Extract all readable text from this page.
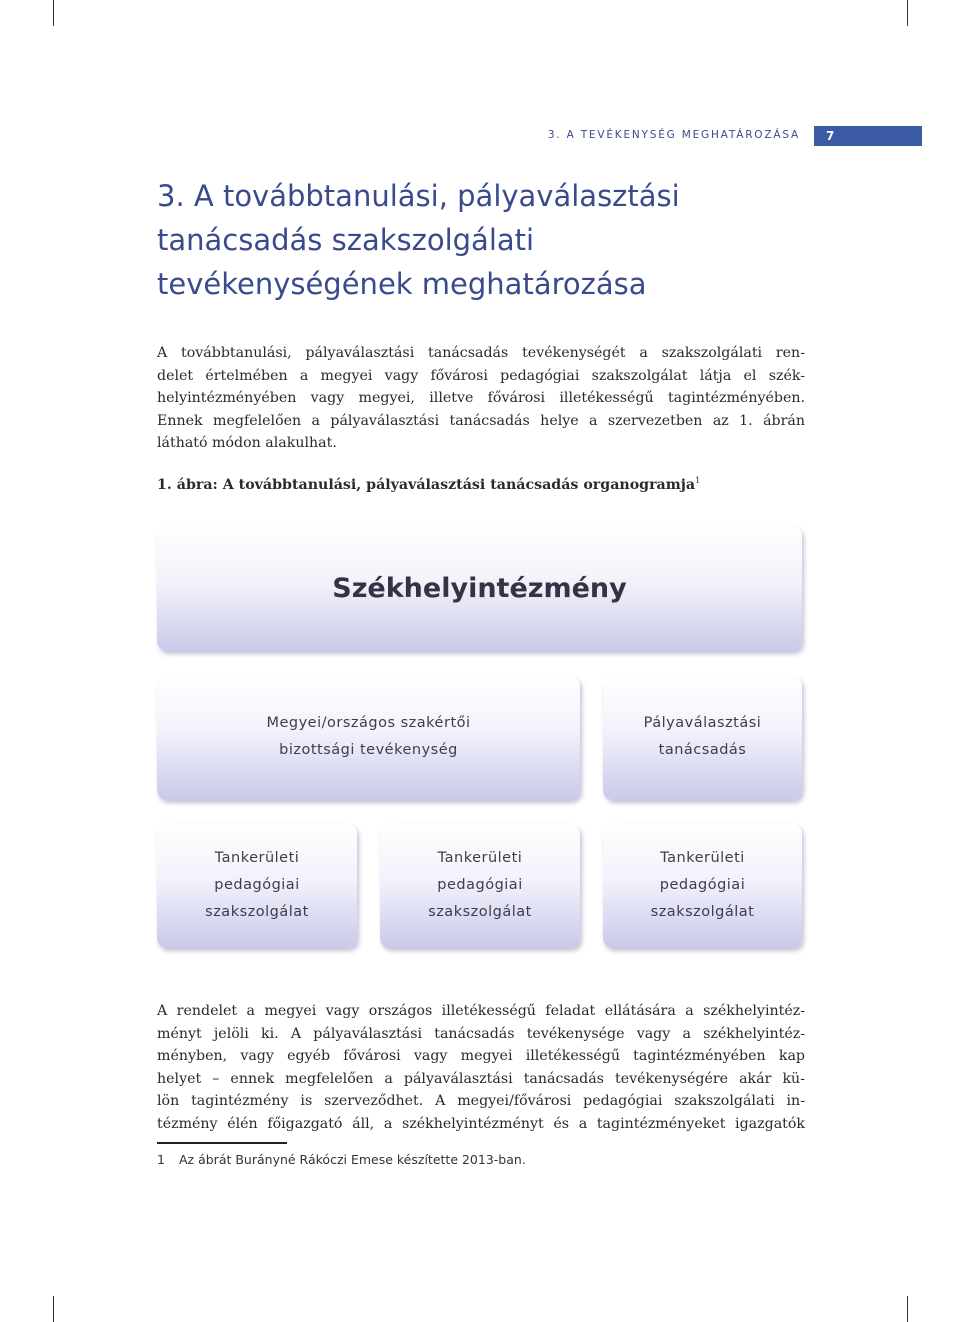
3. A TEVÉKENYSÉG MEGHATÁROZÁSA	7
3. A továbbtanulási, pályaválasztási
tanácsadás szakszolgálati
tevékenységének meghatározása

A továbbtanulási, pályaválasztási tanácsadás tevékenységét a szakszolgálati ren-
delet értelmében a megyei vagy fővárosi pedagógiai szakszolgálat látja el szék-
helyintézményében vagy megyei, illetve fővárosi illetékességű tagintézményében.
Ennek megfelelően a pályaválasztási tanácsadás helye a szervezetben az 1. ábrán
látható módon alakulhat.

1. ábra: A továbbtanulási, pályaválasztási tanácsadás organogramja$^1$

Székhelyintézmény
Megyei/országos szakértői
bizottsági tevékenység
Pályaválasztási
tanácsadás
Tankerületi
pedagógiai
szakszolgálat
Tankerületi
pedagógiai
szakszolgálat
Tankerületi
pedagógiai
szakszolgálat

A rendelet a megyei vagy országos illetékességű feladat ellátására a székhelyintéz-
ményt jelöli ki. A pályaválasztási tanácsadás tevékenysége vagy a székhelyintéz-
ményben, vagy egyéb fővárosi vagy megyei illetékességű tagintézményében kap
helyet – ennek megfelelően a pályaválasztási tanácsadás tevékenységére akár kü-
lön tagintézmény is szerveződhet. A megyei/fővárosi pedagógiai szakszolgálati in-
tézmény élén főigazgató áll, a székhelyintézményt és a tagintézményeket igazgatók

1 Az ábrát Burányné Rákóczi Emese készítette 2013-ban.
